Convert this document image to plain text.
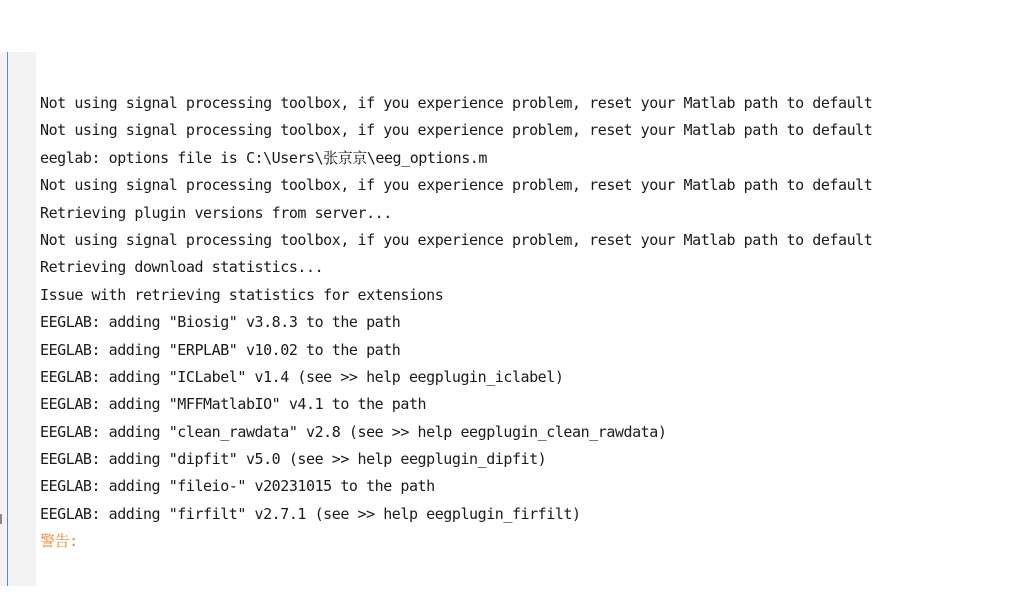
Not using signal processing toolbox, if you experience problem, reset your Matlab path to default
Not using signal processing toolbox, if you experience problem, reset your Matlab path to default
eeglab: options file is C:\Users\张京京\eeg_options.m
Not using signal processing toolbox, if you experience problem, reset your Matlab path to default
Retrieving plugin versions from server...
Not using signal processing toolbox, if you experience problem, reset your Matlab path to default
Retrieving download statistics...
Issue with retrieving statistics for extensions
EEGLAB: adding "Biosig" v3.8.3 to the path
EEGLAB: adding "ERPLAB" v10.02 to the path
EEGLAB: adding "ICLabel" v1.4 (see >> help eegplugin_iclabel)
EEGLAB: adding "MFFMatlabIO" v4.1 to the path
EEGLAB: adding "clean_rawdata" v2.8 (see >> help eegplugin_clean_rawdata)
EEGLAB: adding "dipfit" v5.0 (see >> help eegplugin_dipfit)
EEGLAB: adding "fileio-" v20231015 to the path
EEGLAB: adding "firfilt" v2.7.1 (see >> help eegplugin_firfilt)
警告:
